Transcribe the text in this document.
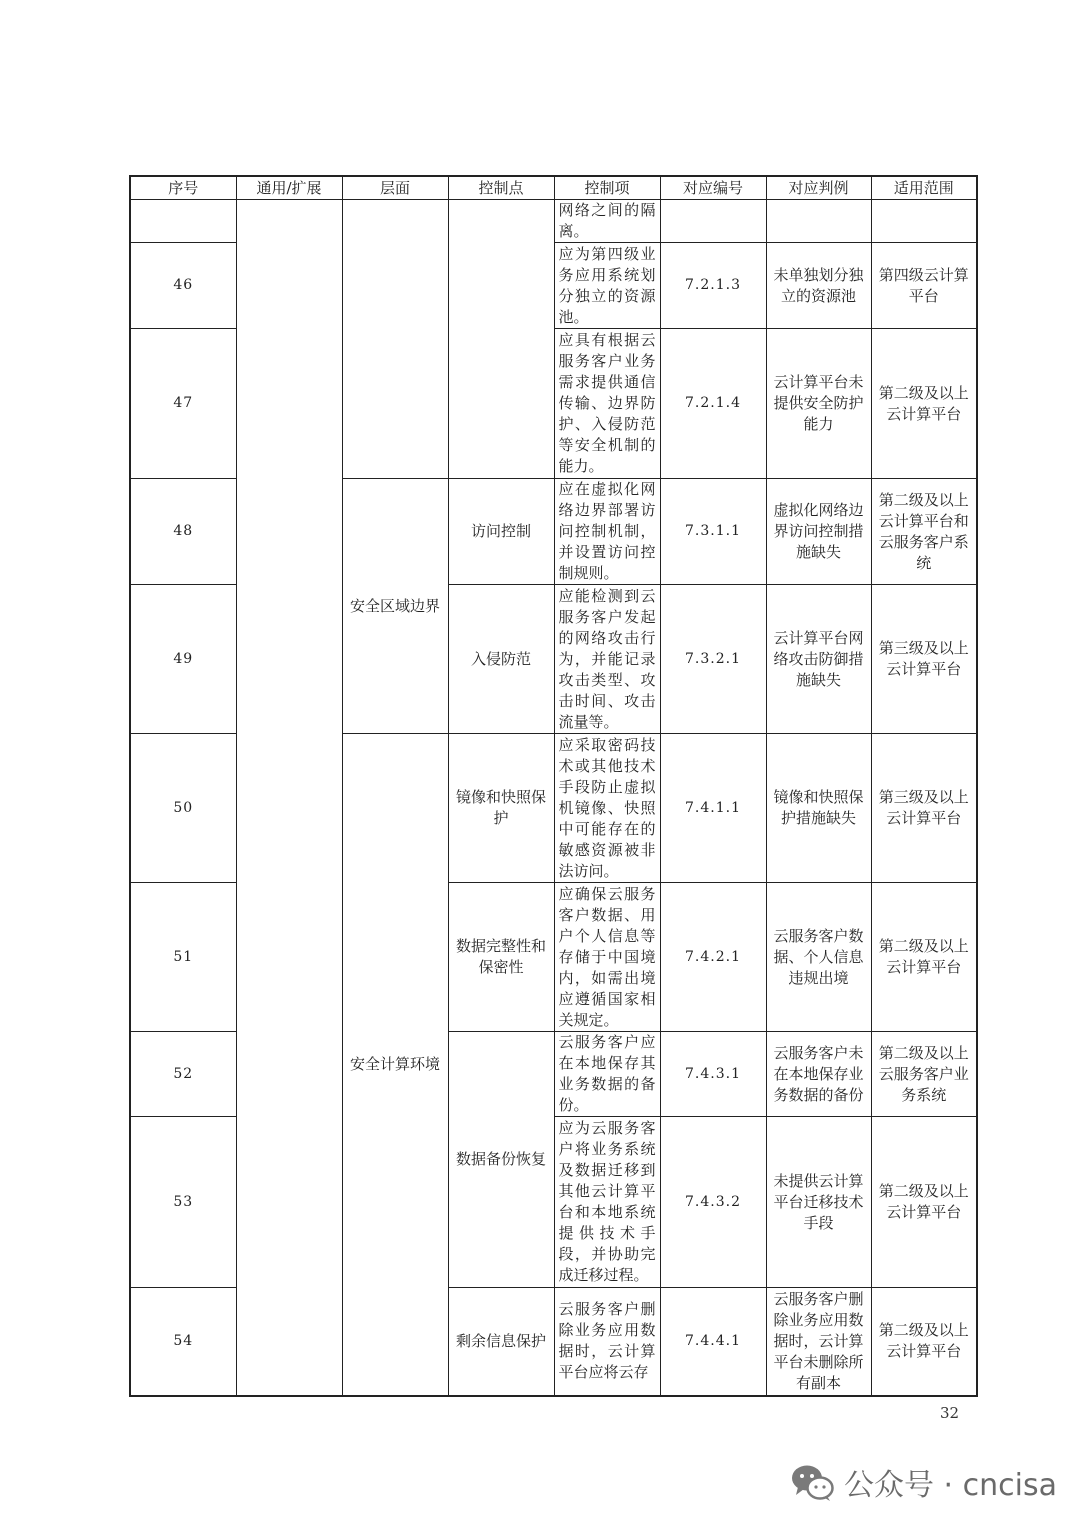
序号	通用/扩展	层面	控制点	控制项	对应编号	对应判例	适用范围
				网络之间的隔离。			
46				应为第四级业务应用系统划分独立的资源池。	7.2.1.3	未单独划分独立的资源池	第四级云计算平台
47				应具有根据云服务客户业务需求提供通信传输、边界防护、入侵防范等安全机制的能力。	7.2.1.4	云计算平台未提供安全防护能力	第二级及以上云计算平台
48		安全区域边界	访问控制	应在虚拟化网络边界部署访问控制机制，并设置访问控制规则。	7.3.1.1	虚拟化网络边界访问控制措施缺失	第二级及以上云计算平台和云服务客户系统
49			入侵防范	应能检测到云服务客户发起的网络攻击行为，并能记录攻击类型、攻击时间、攻击流量等。	7.3.2.1	云计算平台网络攻击防御措施缺失	第三级及以上云计算平台
50		安全计算环境	镜像和快照保护	应采取密码技术或其他技术手段防止虚拟机镜像、快照中可能存在的敏感资源被非法访问。	7.4.1.1	镜像和快照保护措施缺失	第三级及以上云计算平台
51			数据完整性和保密性	应确保云服务客户数据、用户个人信息等存储于中国境内，如需出境应遵循国家相关规定。	7.4.2.1	云服务客户数据、个人信息违规出境	第二级及以上云计算平台
52			数据备份恢复	云服务客户应在本地保存其业务数据的备份。	7.4.3.1	云服务客户未在本地保存业务数据的备份	第二级及以上云服务客户业务系统
53				应为云服务客户将业务系统及数据迁移到其他云计算平台和本地系统提供技术手段，并协助完成迁移过程。	7.4.3.2	未提供云计算平台迁移技术手段	第二级及以上云计算平台
54			剩余信息保护	云服务客户删除业务应用数据时，云计算平台应将云存	7.4.4.1	云服务客户删除业务应用数据时，云计算平台未删除所有副本	第二级及以上云计算平台
32
公众号 · cncisa
